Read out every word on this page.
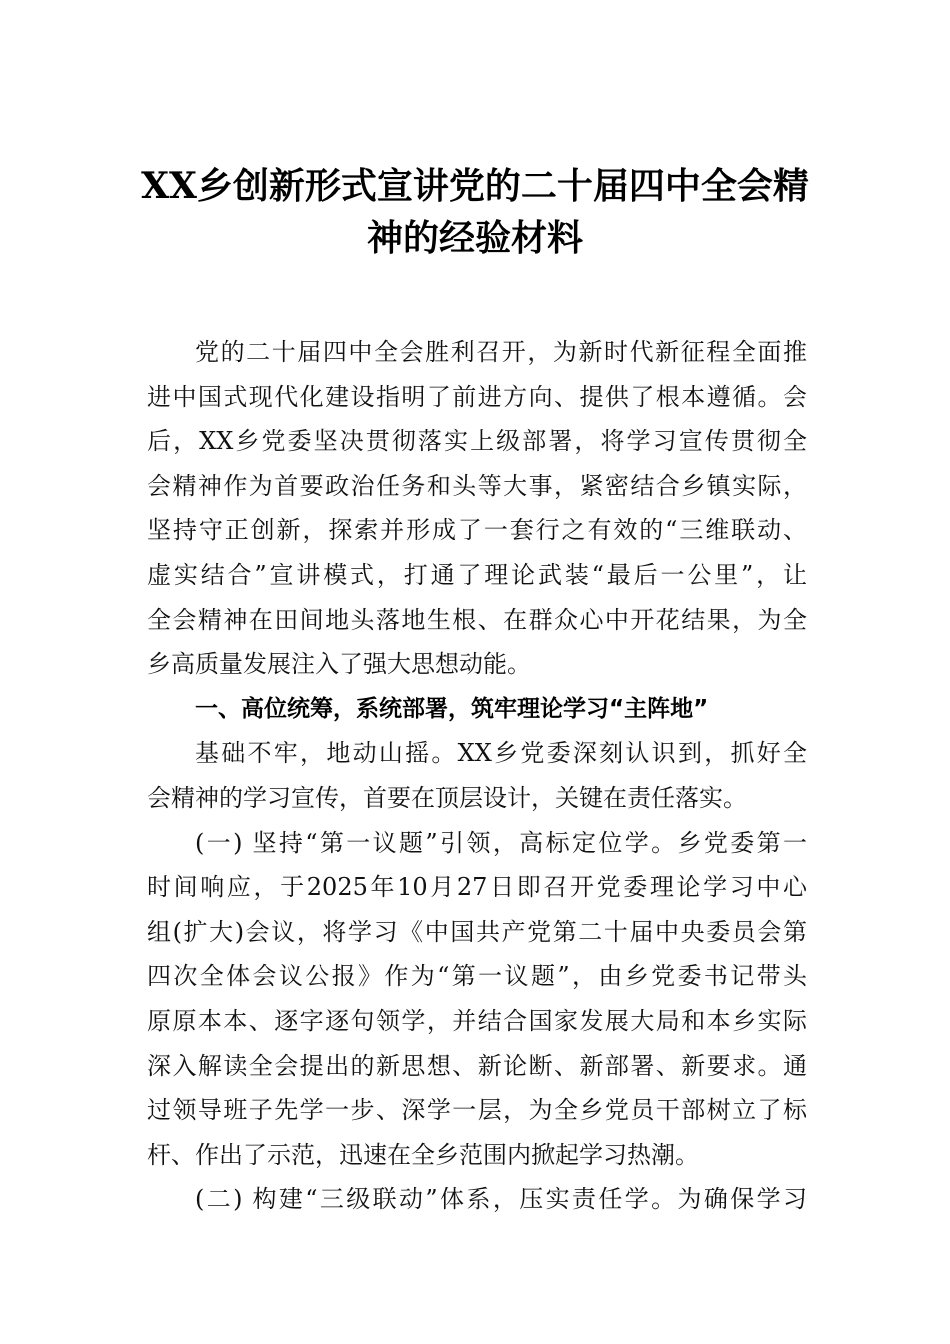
XX乡创新形式宣讲党的二十届四中全会精
神的经验材料
党的二十届四中全会胜利召开，为新时代新征程全面推
进中国式现代化建设指明了前进方向、提供了根本遵循。会
后，XX乡党委坚决贯彻落实上级部署，将学习宣传贯彻全
会精神作为首要政治任务和头等大事，紧密结合乡镇实际，
坚持守正创新，探索并形成了一套行之有效的“三维联动、
虚实结合”宣讲模式，打通了理论武装“最后一公里”，让
全会精神在田间地头落地生根、在群众心中开花结果，为全
乡高质量发展注入了强大思想动能。
一、高位统筹，系统部署，筑牢理论学习“主阵地”
基础不牢，地动山摇。XX乡党委深刻认识到，抓好全
会精神的学习宣传，首要在顶层设计，关键在责任落实。
(一) 坚持“第一议题”引领，高标定位学。乡党委第一
时间响应，于2025年10月27日即召开党委理论学习中心
组(扩大)会议，将学习《中国共产党第二十届中央委员会第
四次全体会议公报》作为“第一议题”，由乡党委书记带头
原原本本、逐字逐句领学，并结合国家发展大局和本乡实际
深入解读全会提出的新思想、新论断、新部署、新要求。通
过领导班子先学一步、深学一层，为全乡党员干部树立了标
杆、作出了示范，迅速在全乡范围内掀起学习热潮。
(二) 构建“三级联动”体系，压实责任学。为确保学习
